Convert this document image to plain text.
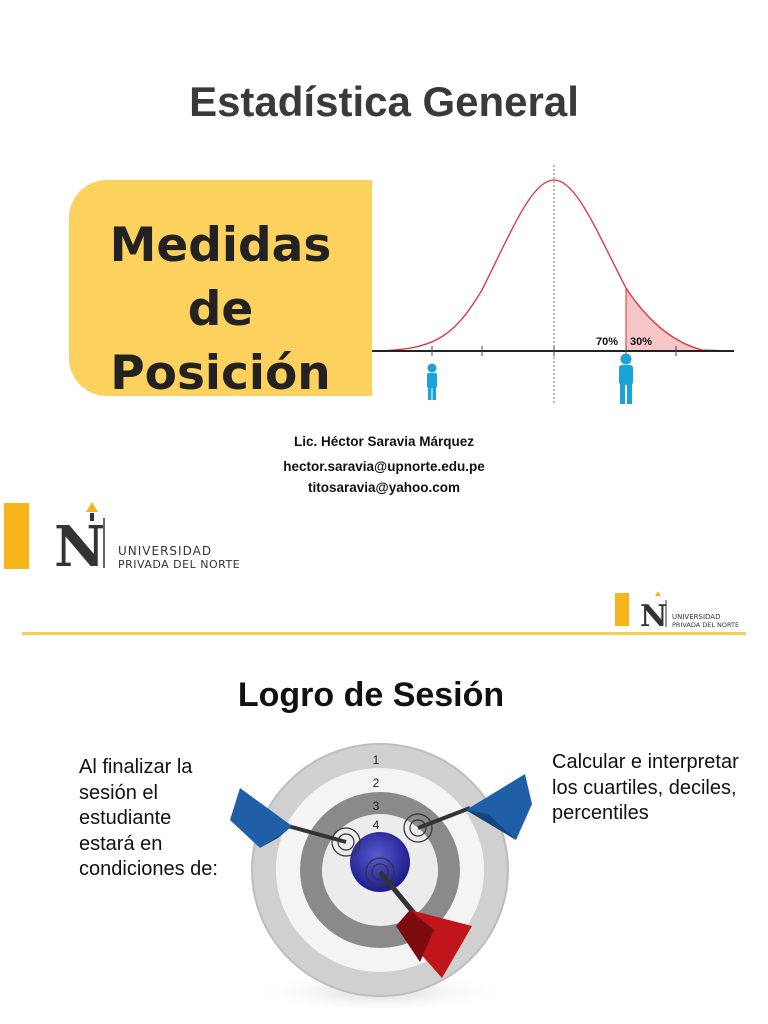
Estadística General
Medidas de
Posición
70% 30%
Lic. Héctor Saravia Márquez
hector.saravia@upnorte.edu.pe
titosaravia@yahoo.com
N UNIVERSIDAD
PRIVADA DEL NORTE
N UNIVERSIDAD
PRIVADA DEL NORTE
Logro de Sesión
Al finalizar la sesión el estudiante estará en condiciones de:
Calcular e interpretar los cuartiles, deciles, percentiles
1
2
3
4
